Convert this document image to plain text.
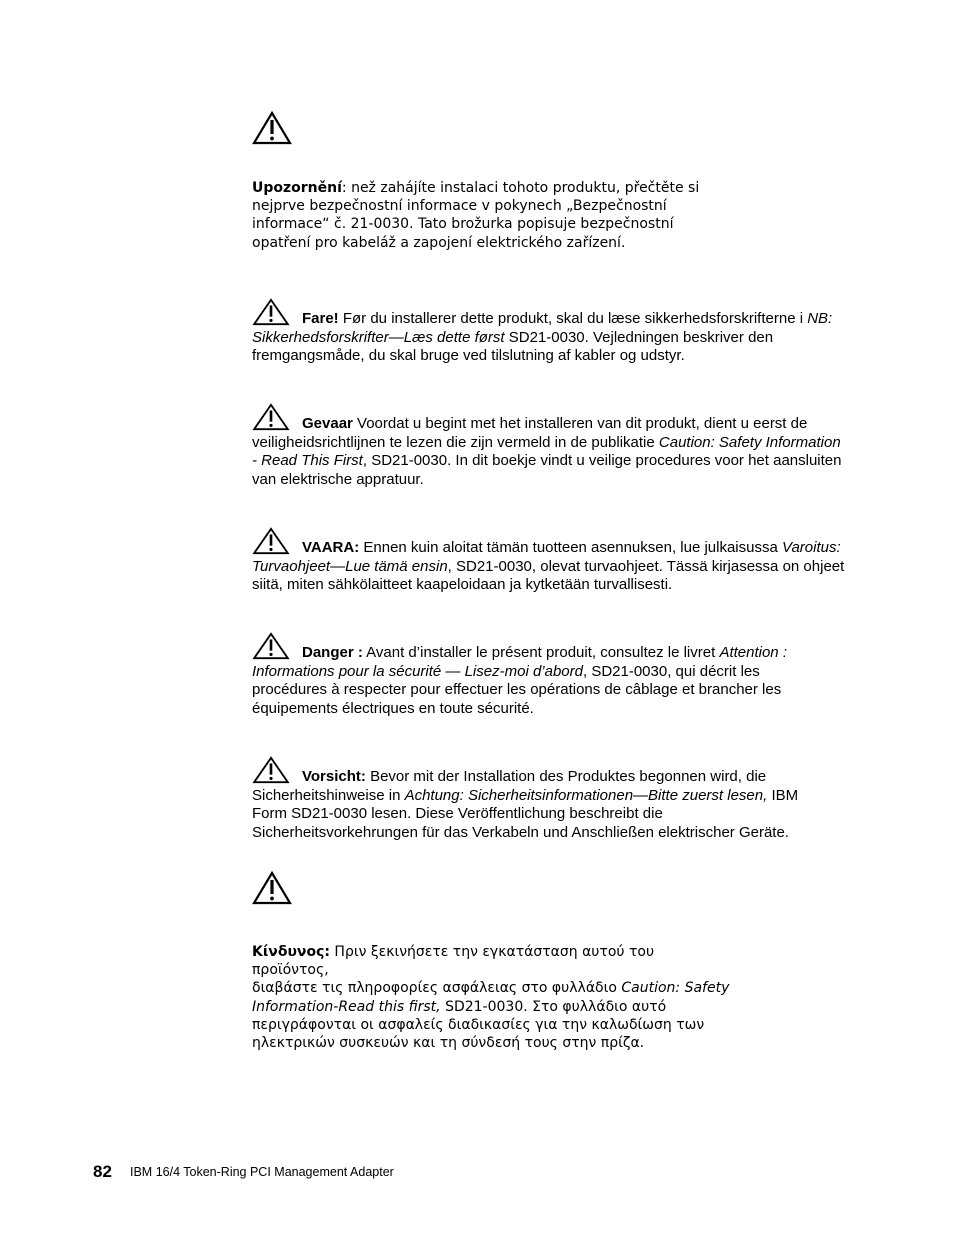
Upozornění: než zahájíte instalaci tohoto produktu, přečtěte si

nejprve bezpečnostní informace v pokynech „Bezpečnostní

informace“ č. 21-0030. Tato brožurka popisuje bezpečnostní

opatření pro kabeláž a zapojení elektrického zařízení.

Fare! Før du installerer dette produkt, skal du læse sikkerhedsforskrifterne i NB: Sikkerhedsforskrifter—Læs dette først SD21-0030. Vejledningen beskriver den fremgangsmåde, du skal bruge ved tilslutning af kabler og udstyr.

Gevaar Voordat u begint met het installeren van dit produkt, dient u eerst de veiligheidsrichtlijnen te lezen die zijn vermeld in de publikatie Caution: Safety Information - Read This First, SD21-0030. In dit boekje vindt u veilige procedures voor het aansluiten van elektrische appratuur.

VAARA: Ennen kuin aloitat tämän tuotteen asennuksen, lue julkaisussa Varoitus: Turvaohjeet—Lue tämä ensin, SD21-0030, olevat turvaohjeet. Tässä kirjasessa on ohjeet siitä, miten sähkölaitteet kaapeloidaan ja kytketään turvallisesti.

Danger : Avant d’installer le présent produit, consultez le livret Attention : Informations pour la sécurité — Lisez-moi d’abord, SD21-0030, qui décrit les procédures à respecter pour effectuer les opérations de câblage et brancher les équipements électriques en toute sécurité.

Vorsicht: Bevor mit der Installation des Produktes begonnen wird, die Sicherheitshinweise in Achtung: Sicherheitsinformationen—Bitte zuerst lesen, IBM Form SD21-0030 lesen. Diese Veröffentlichung beschreibt die Sicherheitsvorkehrungen für das Verkabeln und Anschließen elektrischer Geräte.

Κίνδυνος: Πριν ξεκινήσετε την εγκατάσταση αυτού του προϊόντος,

διαβάστε τις πληροφορίες ασφάλειας στο φυλλάδιο Caution: Safety

Information-Read this first, SD21-0030. Στο φυλλάδιο αυτό

περιγράφονται οι ασφαλείς διαδικασίες για την καλωδίωση των

ηλεκτρικών συσκευών και τη σύνδεσή τους στην πρίζα.

82 IBM 16/4 Token-Ring PCI Management Adapter
